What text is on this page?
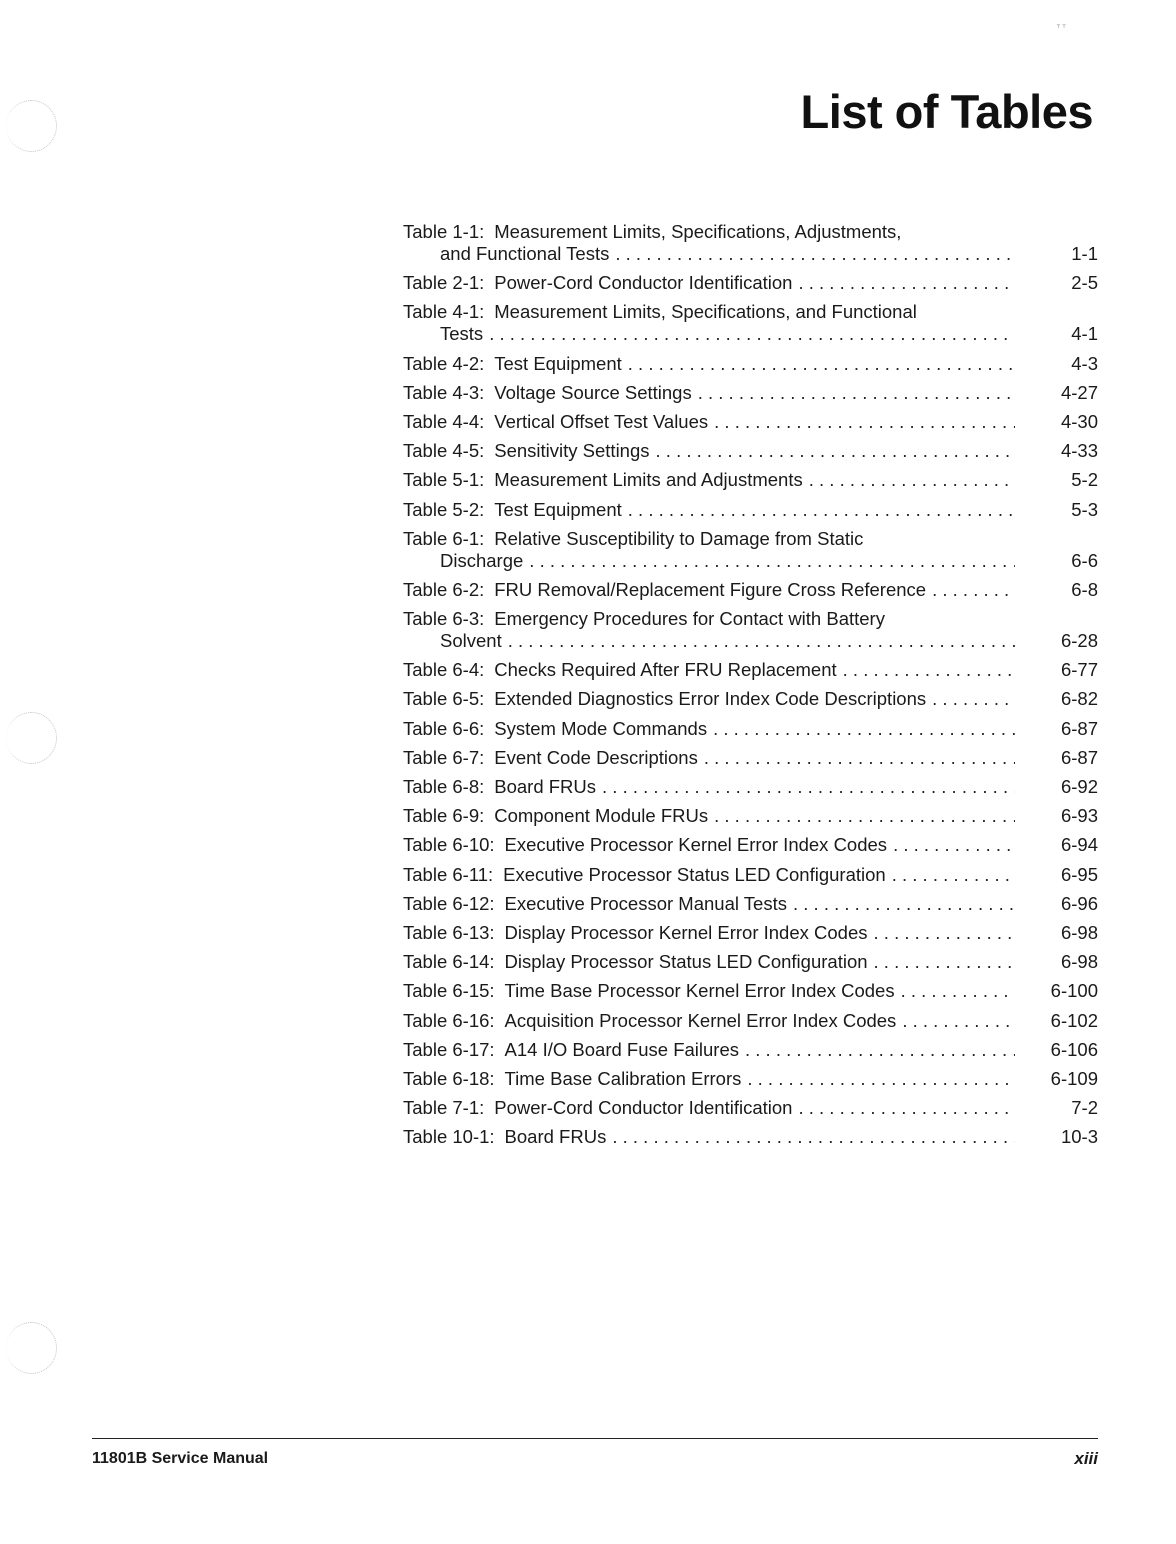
ᐪᐪ
List of Tables
Table 1-1: Measurement Limits, Specifications, Adjustments,
and Functional Tests . . .	1-1
Table 2-1: Power-Cord Conductor Identification . . .	2-5
Table 4-1: Measurement Limits, Specifications, and Functional
Tests . . .	4-1
Table 4-2: Test Equipment . . .	4-3
Table 4-3: Voltage Source Settings . . .	4-27
Table 4-4: Vertical Offset Test Values . . .	4-30
Table 4-5: Sensitivity Settings . . .	4-33
Table 5-1: Measurement Limits and Adjustments . . .	5-2
Table 5-2: Test Equipment . . .	5-3
Table 6-1: Relative Susceptibility to Damage from Static
Discharge . . .	6-6
Table 6-2: FRU Removal/Replacement Figure Cross Reference . . .	6-8
Table 6-3: Emergency Procedures for Contact with Battery
Solvent . . .	6-28
Table 6-4: Checks Required After FRU Replacement . . .	6-77
Table 6-5: Extended Diagnostics Error Index Code Descriptions . . .	6-82
Table 6-6: System Mode Commands . . .	6-87
Table 6-7: Event Code Descriptions . . .	6-87
Table 6-8: Board FRUs . . .	6-92
Table 6-9: Component Module FRUs . . .	6-93
Table 6-10: Executive Processor Kernel Error Index Codes . . .	6-94
Table 6-11: Executive Processor Status LED Configuration . . .	6-95
Table 6-12: Executive Processor Manual Tests . . .	6-96
Table 6-13: Display Processor Kernel Error Index Codes . . .	6-98
Table 6-14: Display Processor Status LED Configuration . . .	6-98
Table 6-15: Time Base Processor Kernel Error Index Codes . . .	6-100
Table 6-16: Acquisition Processor Kernel Error Index Codes . . .	6-102
Table 6-17: A14 I/O Board Fuse Failures . . .	6-106
Table 6-18: Time Base Calibration Errors . . .	6-109
Table 7-1: Power-Cord Conductor Identification . . .	7-2
Table 10-1: Board FRUs . . .	10-3
11801B Service Manual	xiii
